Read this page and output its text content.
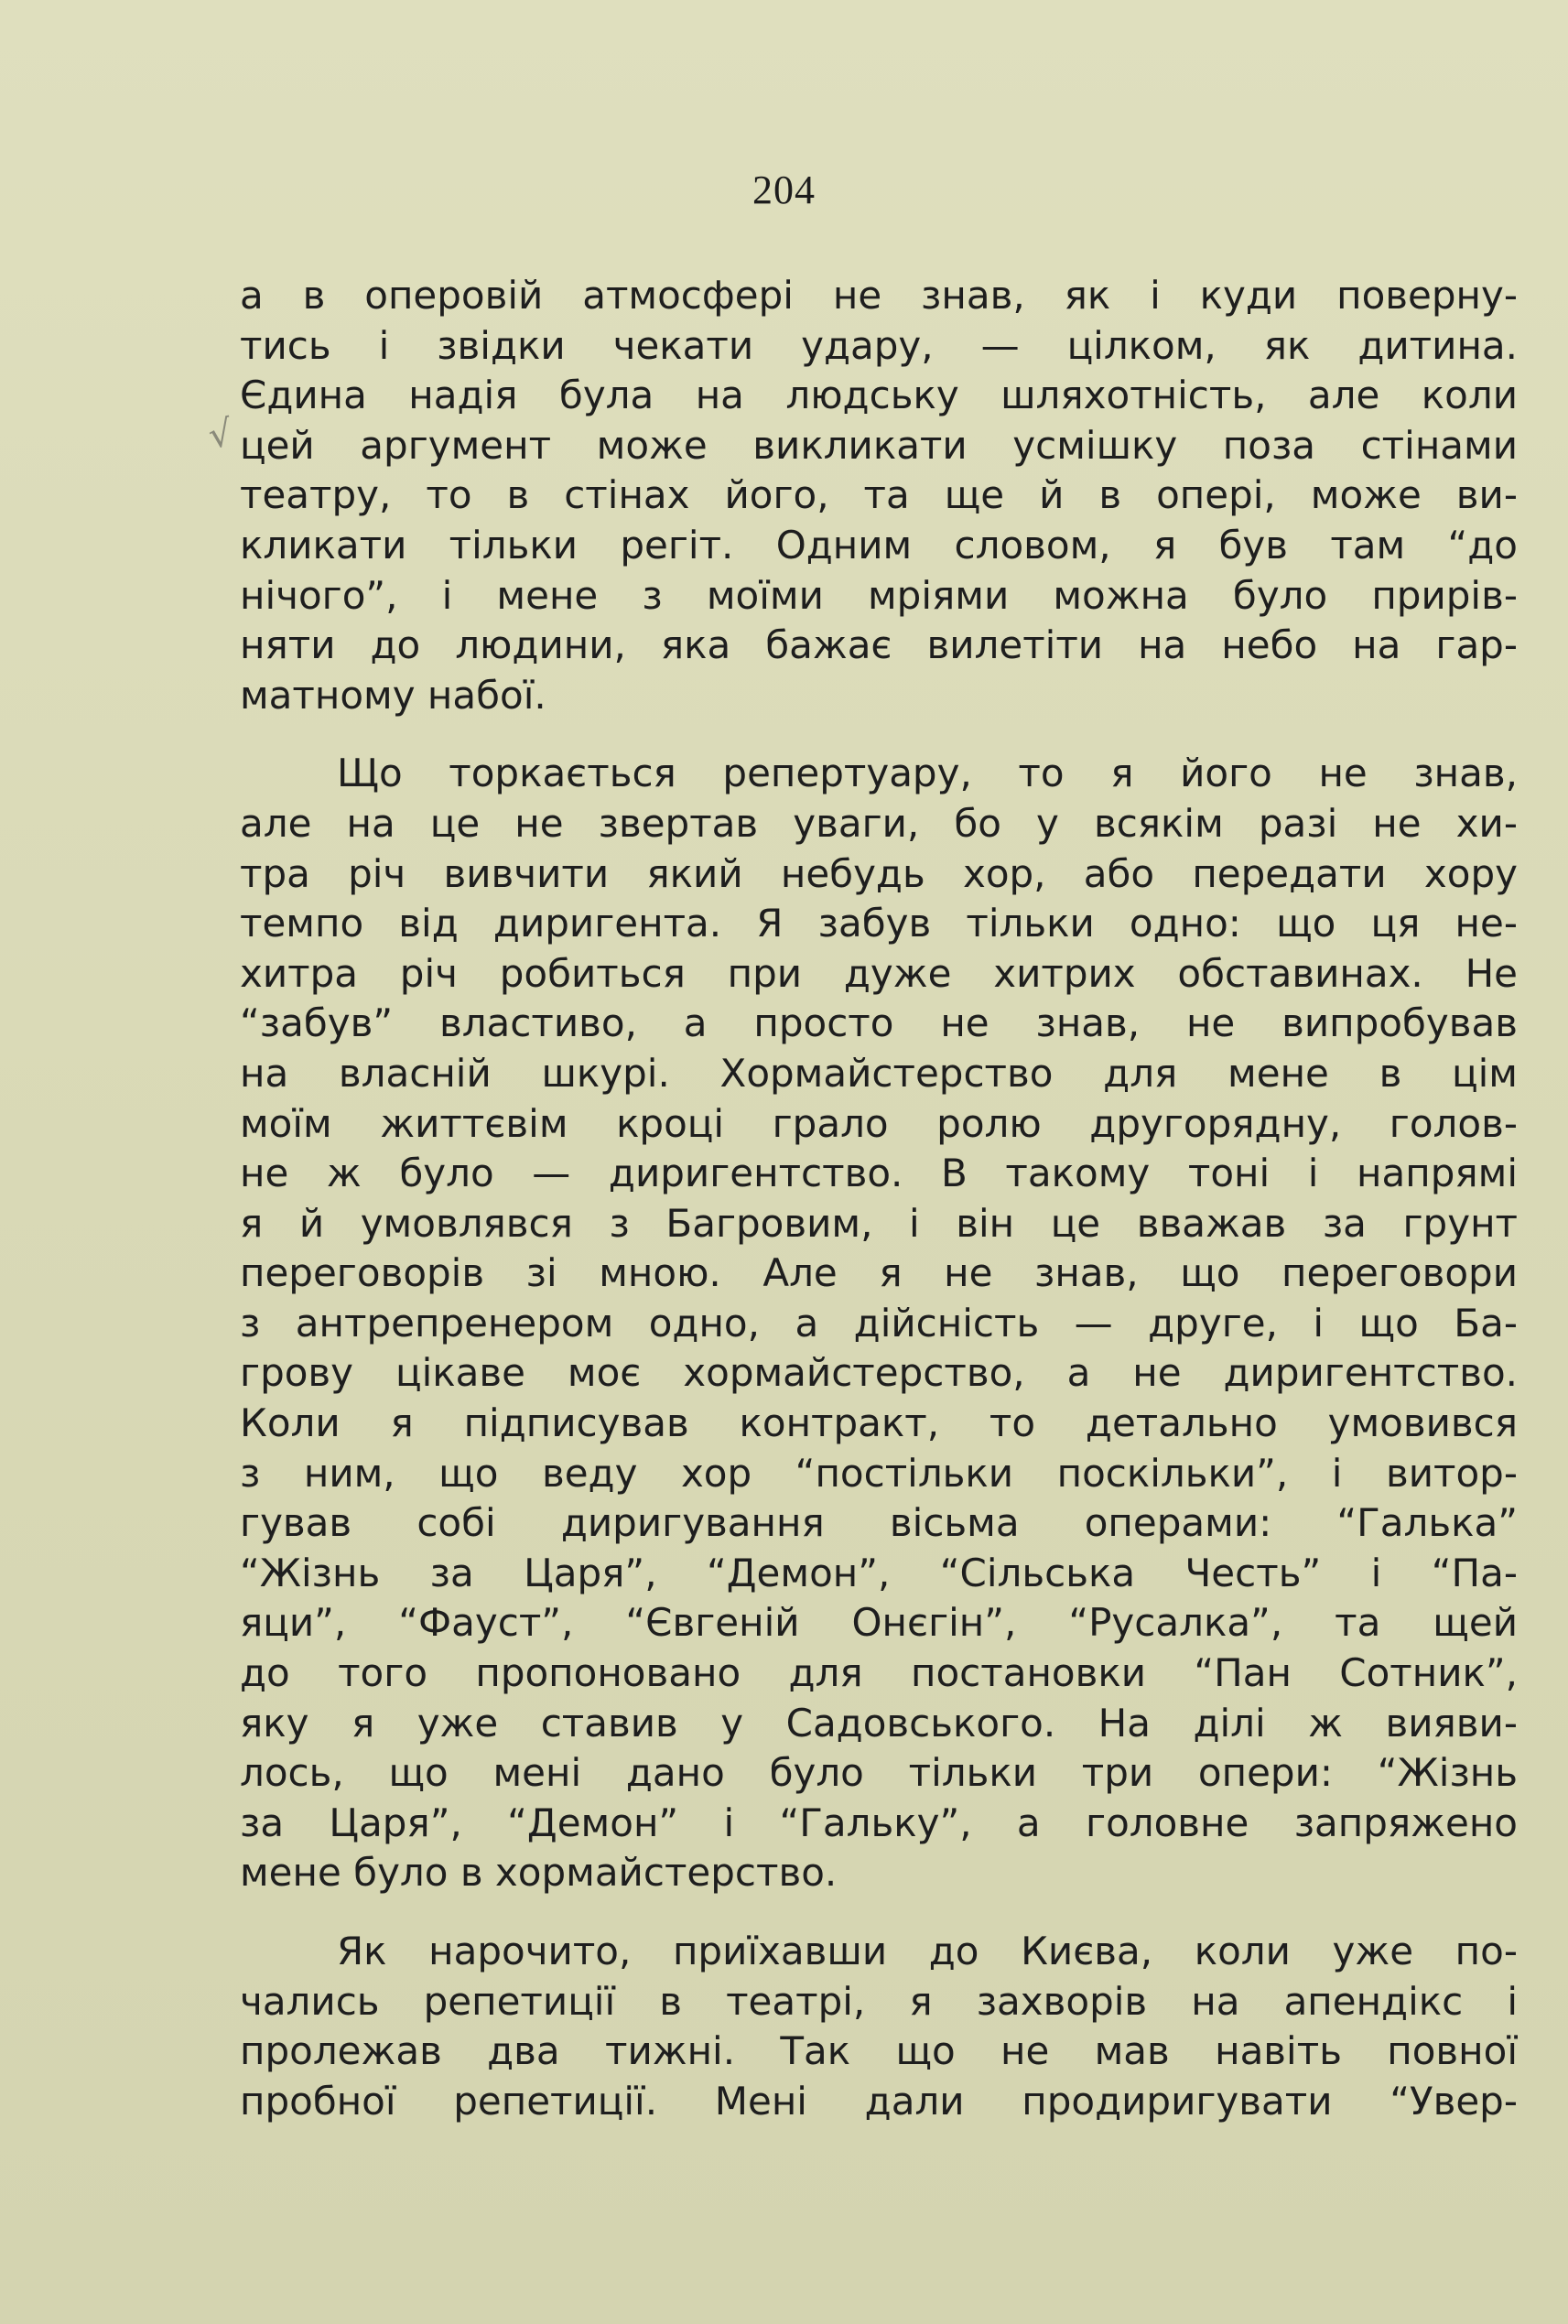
204
√
а в оперовій атмосфері не знав, як і куди поверну-
тись і звідки чекати удару, — цілком, як дитина.
Єдина надія була на людську шляхотність, але коли
цей аргумент може викликати усмішку поза стінами
театру, то в стінах його, та ще й в опері, може ви-
кликати тільки регіт. Одним словом, я був там “до
нічого”, і мене з моїми мріями можна було прирів-
няти до людини, яка бажає вилетіти на небо на гар-
матному набої.
Що торкається репертуару, то я його не знав,
але на це не звертав уваги, бо у всякім разі не хи-
тра річ вивчити який небудь хор, або передати хору
темпо від диригента. Я забув тільки одно: що ця не-
хитра річ робиться при дуже хитрих обставинах. Не
“забув” властиво, а просто не знав, не випробував
на власній шкурі. Хормайстерство для мене в цім
моїм життєвім кроці грало ролю другорядну, голов-
не ж було — диригентство. В такому тоні і напрямі
я й умовлявся з Багровим, і він це вважав за грунт
переговорів зі мною. Але я не знав, що переговори
з антрепренером одно, а дійсність — друге, і що Ба-
грову цікаве моє хормайстерство, а не диригентство.
Коли я підписував контракт, то детально умовився
з ним, що веду хор “постільки поскільки”, і витор-
гував собі диригування вісьма операми: “Галька”
“Жізнь за Царя”, “Демон”, “Сільська Честь” і “Па-
яци”, “Фауст”, “Євгеній Онєгін”, “Русалка”, та щей
до того пропоновано для постановки “Пан Сотник”,
яку я уже ставив у Садовського. На ділі ж вияви-
лось, що мені дано було тільки три опери: “Жізнь
за Царя”, “Демон” і “Гальку”, а головне запряжено
мене було в хормайстерство.
Як нарочито, приїхавши до Києва, коли уже по-
чались репетиції в театрі, я захворів на апендікс і
пролежав два тижні. Так що не мав навіть повної
пробної репетиції. Мені дали продиригувати “Увер-
